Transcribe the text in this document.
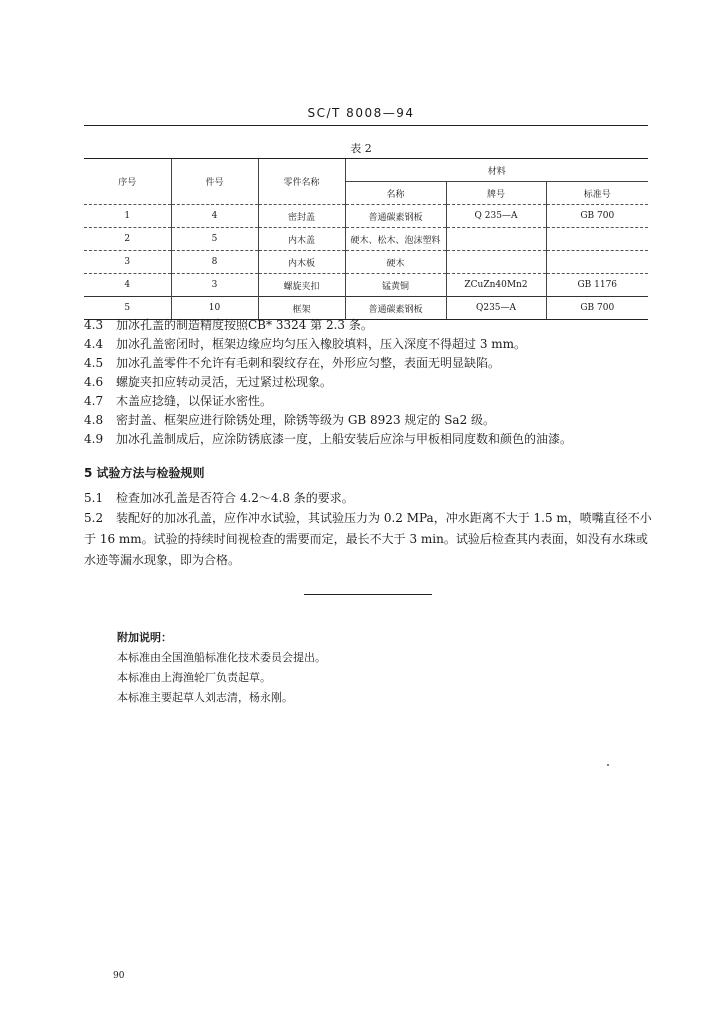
SC/T 8008—94
表 2
序号	件号	零件名称	材料		
			名称	牌号	标准号
1	4	密封盖	普通碳素钢板	Q 235—A	GB 700
2	5	内木盖	硬木、松木、泡沫塑料		
3	8	内木板	硬木		
4	3	螺旋夹扣	锰黄铜	ZCuZn40Mn2	GB 1176
5	10	框架	普通碳素钢板	Q235—A	GB 700
4.3 加冰孔盖的制造精度按照CB* 3324 第 2.3 条。
4.4 加冰孔盖密闭时，框架边缘应均匀压入橡胶填料，压入深度不得超过 3 mm。
4.5 加冰孔盖零件不允许有毛刺和裂纹存在，外形应匀整，表面无明显缺陷。
4.6 螺旋夹扣应转动灵活，无过紧过松现象。
4.7 木盖应捻缝，以保证水密性。
4.8 密封盖、框架应进行除锈处理，除锈等级为 GB 8923 规定的 Sa2 级。
4.9 加冰孔盖制成后，应涂防锈底漆一度，上船安装后应涂与甲板相同度数和颜色的油漆。
5 试验方法与检验规则
5.1 检查加冰孔盖是否符合 4.2～4.8 条的要求。
5.2 装配好的加冰孔盖，应作冲水试验，其试验压力为 0.2 MPa，冲水距离不大于 1.5 m，喷嘴直径不小于 16 mm。试验的持续时间视检查的需要而定，最长不大于 3 min。试验后检查其内表面，如没有水珠或水迹等漏水现象，即为合格。
附加说明：
本标准由全国渔船标准化技术委员会提出。
本标准由上海渔轮厂负责起草。
本标准主要起草人刘志清，杨永刚。
90
